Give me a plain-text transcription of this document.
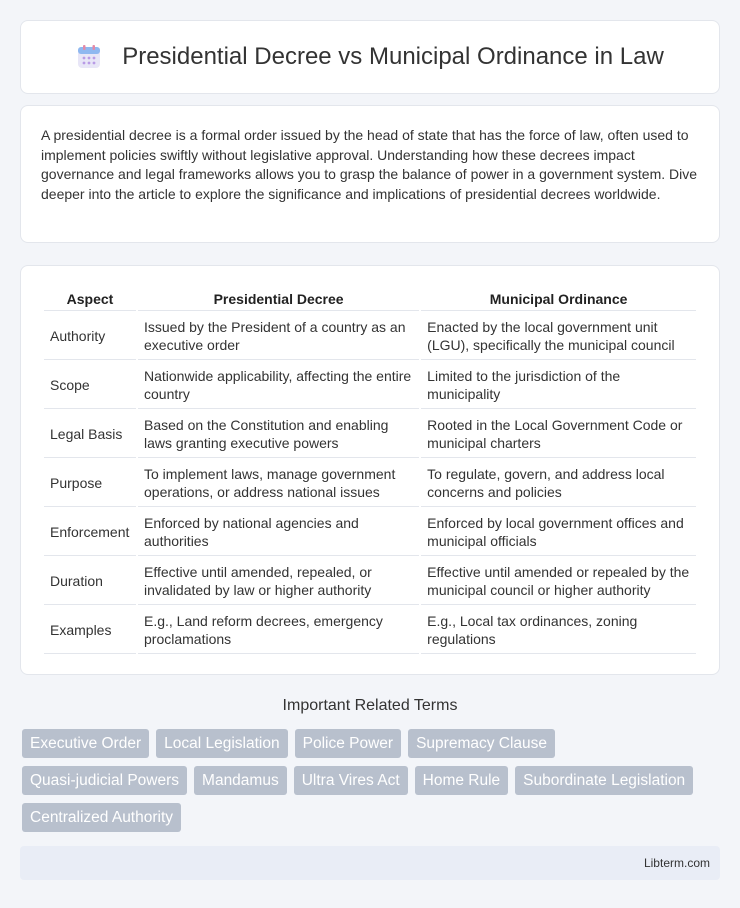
Presidential Decree vs Municipal Ordinance in Law

A presidential decree is a formal order issued by the head of state that has the force of law, often used to implement policies swiftly without legislative approval. Understanding how these decrees impact governance and legal frameworks allows you to grasp the balance of power in a government system. Dive deeper into the article to explore the significance and implications of presidential decrees worldwide.

Aspect	Presidential Decree	Municipal Ordinance
Authority	Issued by the President of a country as an executive order	Enacted by the local government unit (LGU), specifically the municipal council
Scope	Nationwide applicability, affecting the entire country	Limited to the jurisdiction of the municipality
Legal Basis	Based on the Constitution and enabling laws granting executive powers	Rooted in the Local Government Code or municipal charters
Purpose	To implement laws, manage government operations, or address national issues	To regulate, govern, and address local concerns and policies
Enforcement	Enforced by national agencies and authorities	Enforced by local government offices and municipal officials
Duration	Effective until amended, repealed, or invalidated by law or higher authority	Effective until amended or repealed by the municipal council or higher authority
Examples	E.g., Land reform decrees, emergency proclamations	E.g., Local tax ordinances, zoning regulations
Important Related Terms
Executive Order	Local Legislation	Police Power	Supremacy Clause
Quasi-judicial Powers	Mandamus	Ultra Vires Act	Home Rule	Subordinate Legislation
Centralized Authority
Libterm.com
